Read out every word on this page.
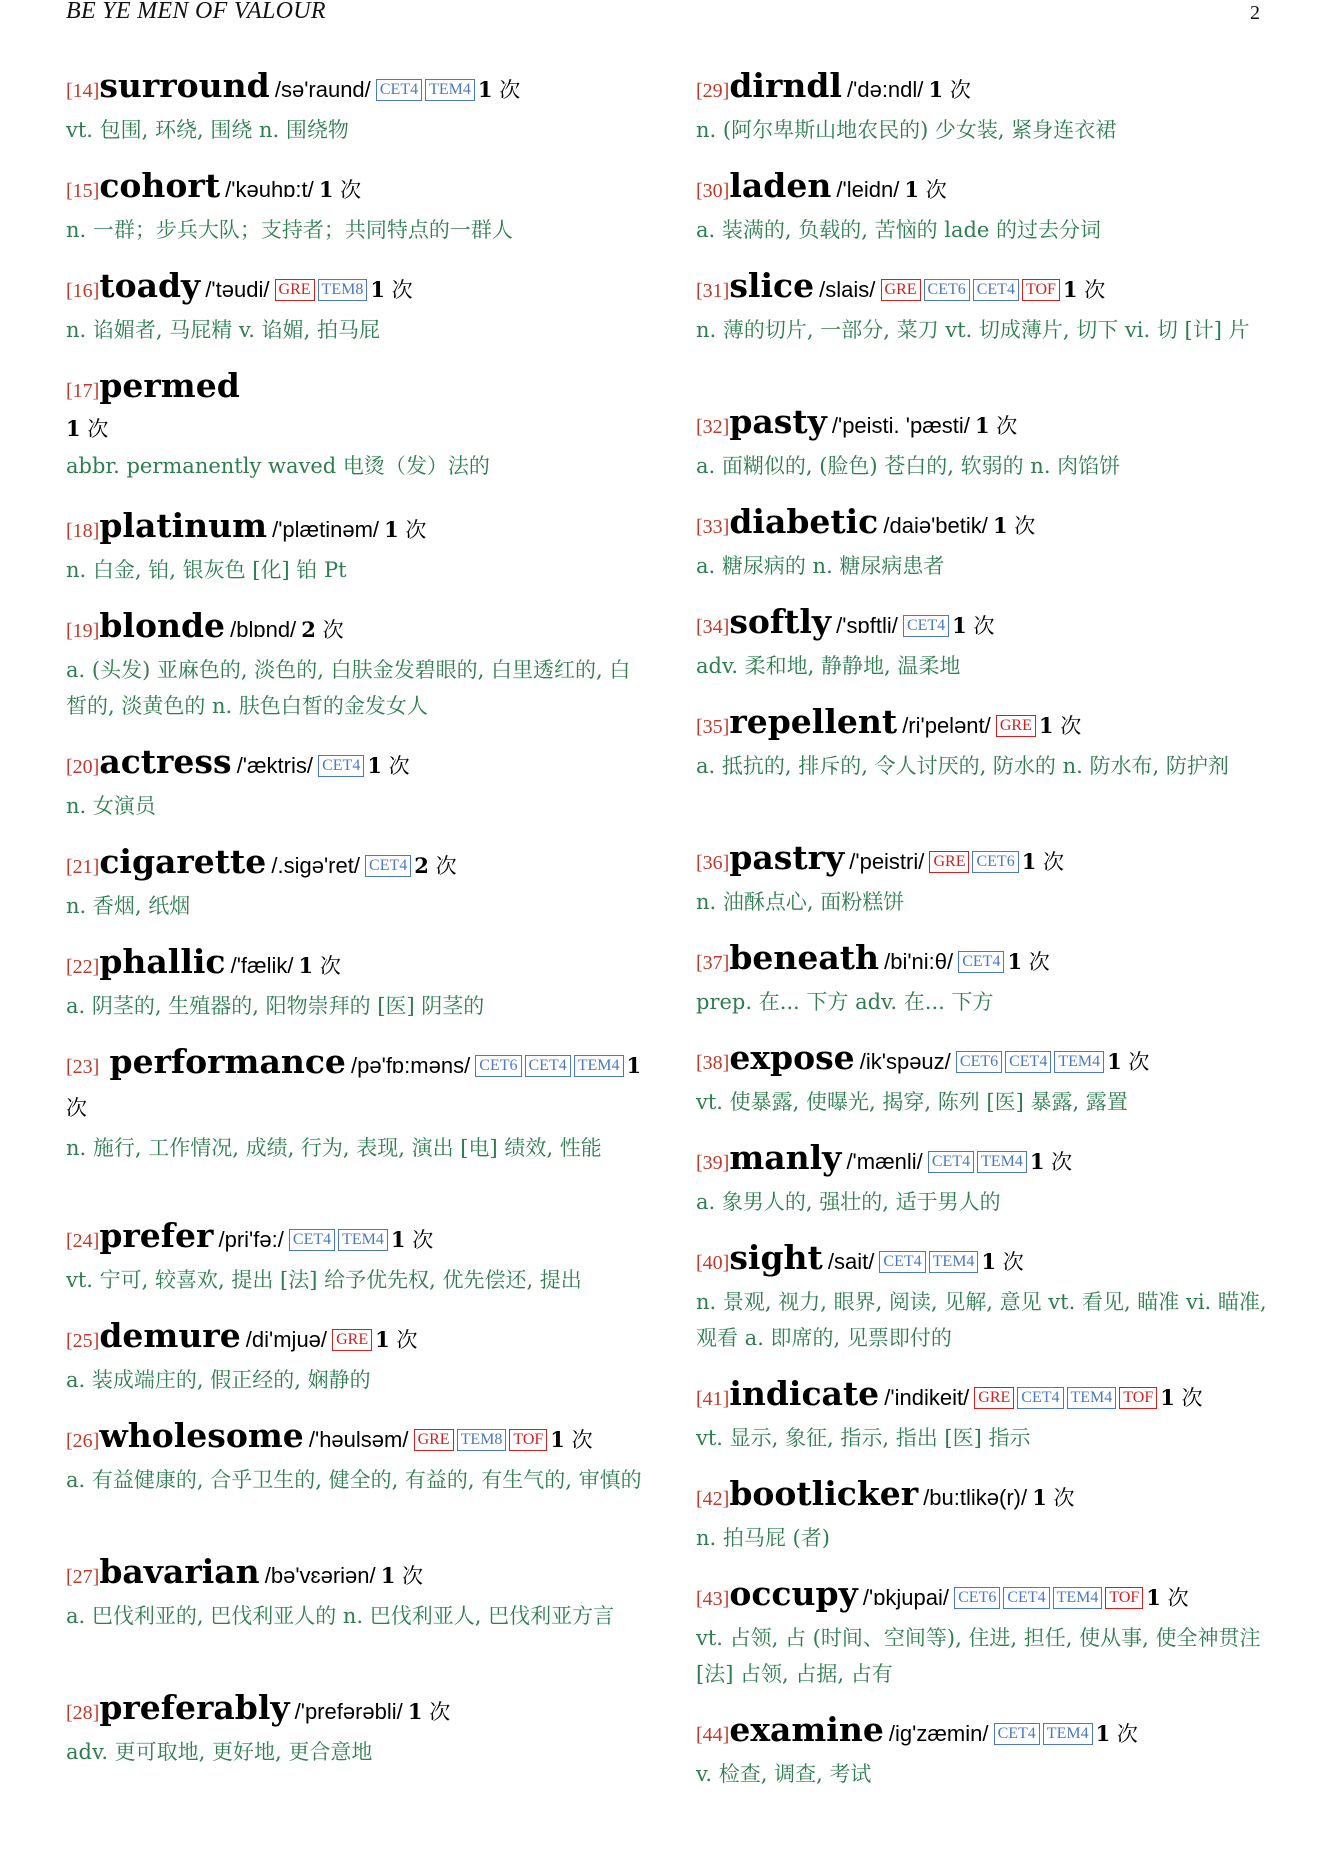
BE YE MEN OF VALOUR	2
[14]surround /sə'raund/ CET4 TEM4 1 次
vt. 包围, 环绕, 围绕 n. 围绕物
[15]cohort /'kəuhɒ:t/ 1 次
n. 一群；步兵大队；支持者；共同特点的一群人
[16]toady /'təudi/ GRE TEM8 1 次
n. 谄媚者, 马屁精 v. 谄媚, 拍马屁
[17]permed
1 次
abbr. permanently waved 电烫（发）法的
[18]platinum /'plætinəm/ 1 次
n. 白金, 铂, 银灰色 [化] 铂 Pt
[19]blonde /blɒnd/ 2 次
a. (头发) 亚麻色的, 淡色的, 白肤金发碧眼的, 白里透红的, 白皙的, 淡黄色的 n. 肤色白皙的金发女人
[20]actress /'æktris/ CET4 1 次
n. 女演员
[21]cigarette /.sigə'ret/ CET4 2 次
n. 香烟, 纸烟
[22]phallic /'fælik/ 1 次
a. 阴茎的, 生殖器的, 阳物崇拜的 [医] 阴茎的
[23] performance /pə'fɒ:məns/ CET6 CET4 TEM4 1 次
n. 施行, 工作情况, 成绩, 行为, 表现, 演出 [电] 绩效, 性能
[24]prefer /pri'fə:/ CET4 TEM4 1 次
vt. 宁可, 较喜欢, 提出 [法] 给予优先权, 优先偿还, 提出
[25]demure /di'mjuə/ GRE 1 次
a. 装成端庄的, 假正经的, 娴静的
[26]wholesome /'həulsəm/ GRE TEM8 TOF 1 次
a. 有益健康的, 合乎卫生的, 健全的, 有益的, 有生气的, 审慎的
[27]bavarian /bə'vɛəriən/ 1 次
a. 巴伐利亚的, 巴伐利亚人的 n. 巴伐利亚人, 巴伐利亚方言
[28]preferably /'prefərəbli/ 1 次
adv. 更可取地, 更好地, 更合意地
[29]dirndl /'də:ndl/ 1 次
n. (阿尔卑斯山地农民的) 少女装, 紧身连衣裙
[30]laden /'leidn/ 1 次
a. 装满的, 负载的, 苦恼的 lade 的过去分词
[31]slice /slais/ GRE CET6 CET4 TOF 1 次
n. 薄的切片, 一部分, 菜刀 vt. 切成薄片, 切下 vi. 切 [计] 片
[32]pasty /'peisti. 'pæsti/ 1 次
a. 面糊似的, (脸色) 苍白的, 软弱的 n. 肉馅饼
[33]diabetic /daiə'betik/ 1 次
a. 糖尿病的 n. 糖尿病患者
[34]softly /'sɒftli/ CET4 1 次
adv. 柔和地, 静静地, 温柔地
[35]repellent /ri'pelənt/ GRE 1 次
a. 抵抗的, 排斥的, 令人讨厌的, 防水的 n. 防水布, 防护剂
[36]pastry /'peistri/ GRE CET6 1 次
n. 油酥点心, 面粉糕饼
[37]beneath /bi'ni:θ/ CET4 1 次
prep. 在... 下方 adv. 在... 下方
[38]expose /ik'spəuz/ CET6 CET4 TEM4 1 次
vt. 使暴露, 使曝光, 揭穿, 陈列 [医] 暴露, 露置
[39]manly /'mænli/ CET4 TEM4 1 次
a. 象男人的, 强壮的, 适于男人的
[40]sight /sait/ CET4 TEM4 1 次
n. 景观, 视力, 眼界, 阅读, 见解, 意见 vt. 看见, 瞄准 vi. 瞄准, 观看 a. 即席的, 见票即付的
[41]indicate /'indikeit/ GRE CET4 TEM4 TOF 1 次
vt. 显示, 象征, 指示, 指出 [医] 指示
[42]bootlicker /bu:tlikə(r)/ 1 次
n. 拍马屁 (者)
[43]occupy /'ɒkjupai/ CET6 CET4 TEM4 TOF 1 次
vt. 占领, 占 (时间、空间等), 住进, 担任, 使从事, 使全神贯注 [法] 占领, 占据, 占有
[44]examine /ig'zæmin/ CET4 TEM4 1 次
v. 检查, 调查, 考试
